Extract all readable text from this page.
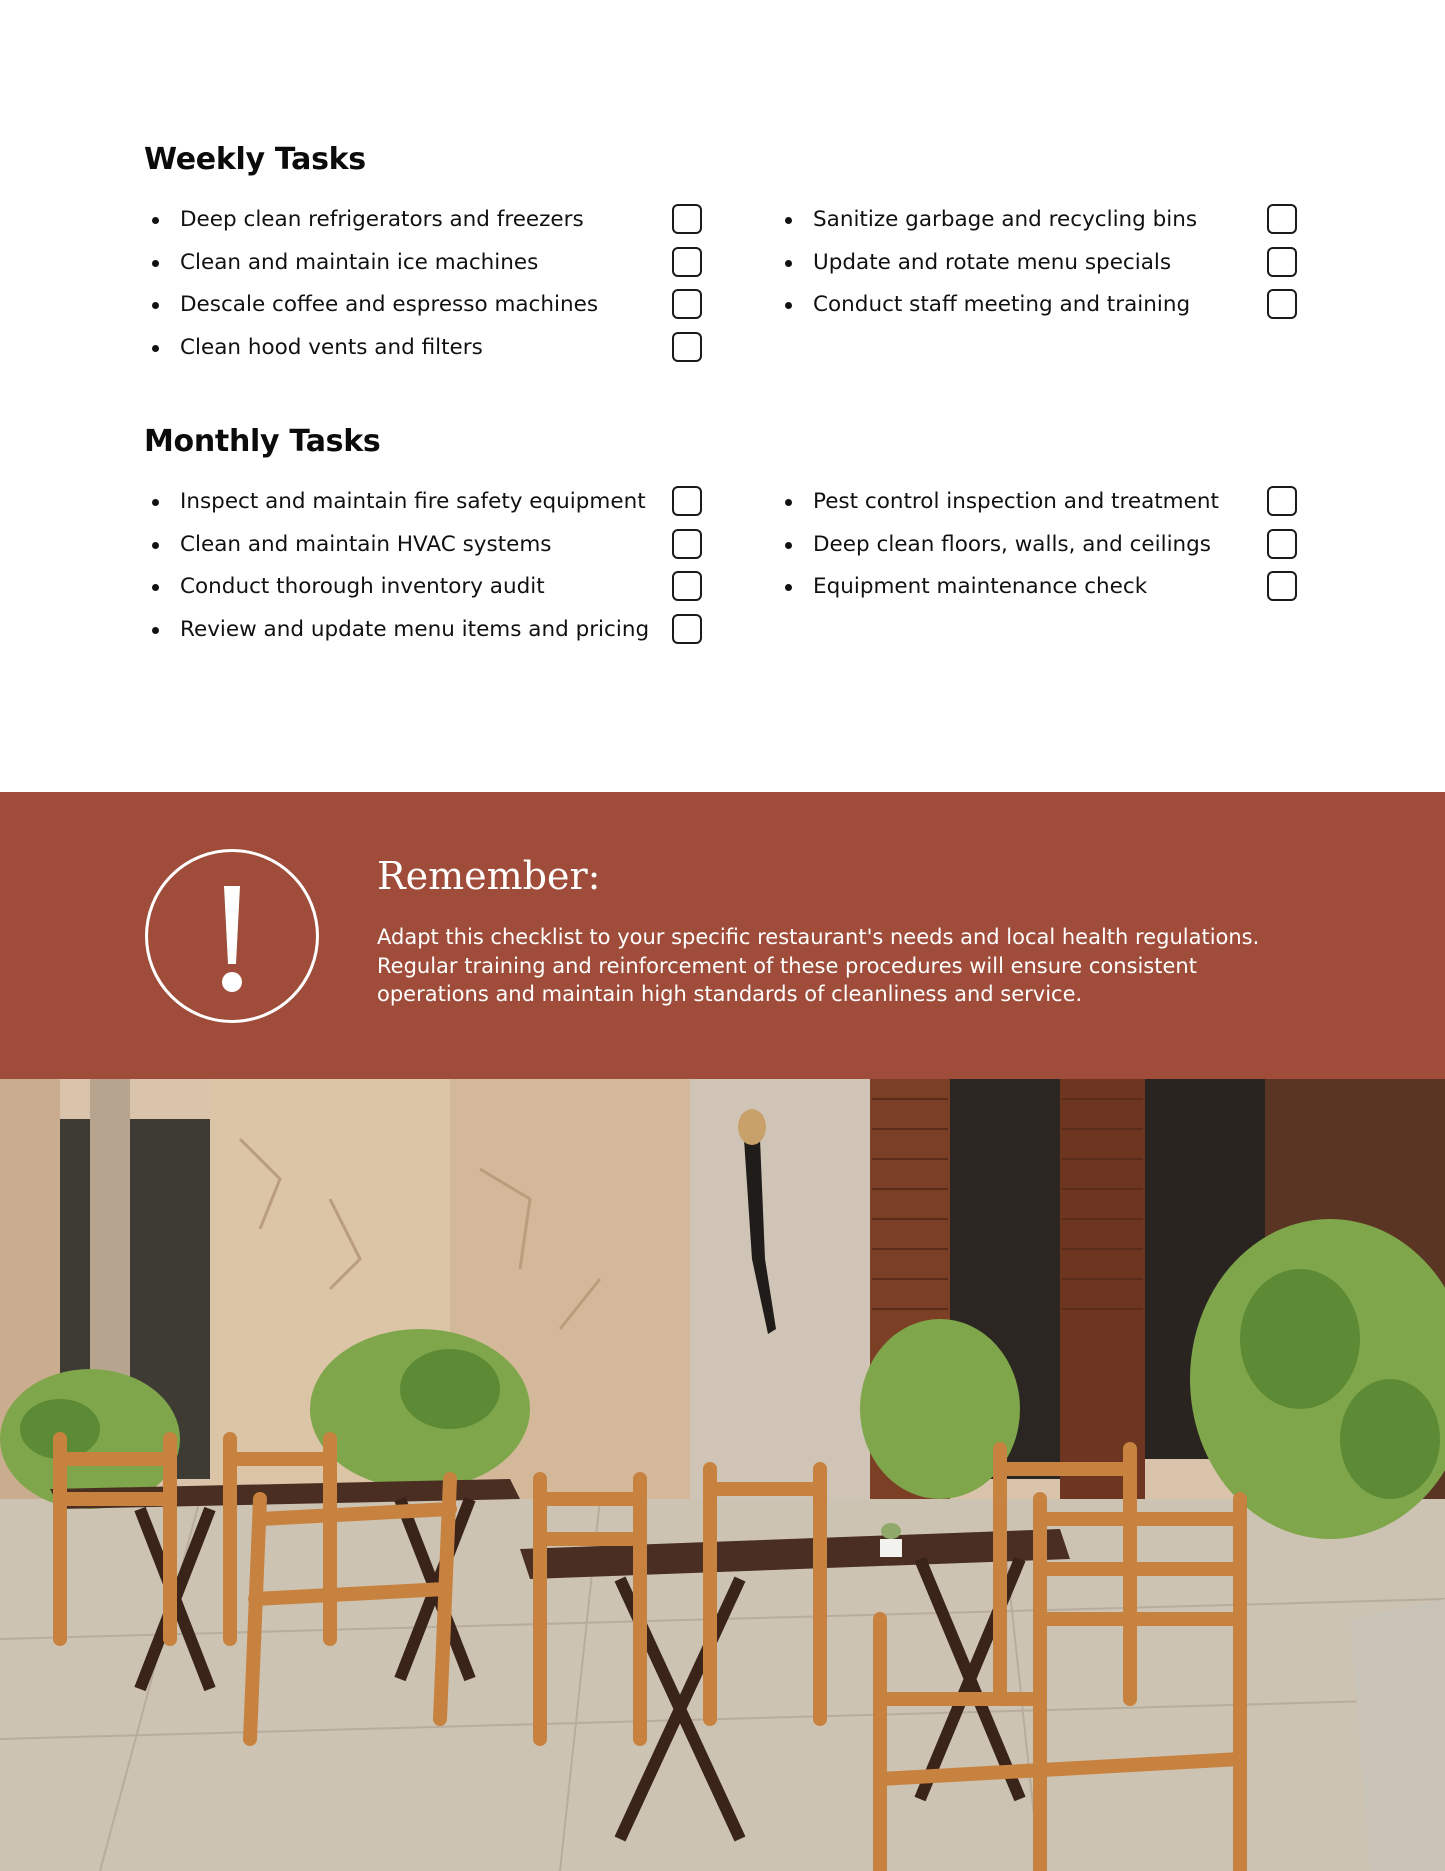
Weekly Tasks
Deep clean refrigerators and freezers
Clean and maintain ice machines
Descale coffee and espresso machines
Clean hood vents and filters
Sanitize garbage and recycling bins
Update and rotate menu specials
Conduct staff meeting and training
Monthly Tasks
Inspect and maintain fire safety equipment
Clean and maintain HVAC systems
Conduct thorough inventory audit
Review and update menu items and pricing
Pest control inspection and treatment
Deep clean floors, walls, and ceilings
Equipment maintenance check
Remember:

Adapt this checklist to your specific restaurant's needs and local health regulations. Regular training and reinforcement of these procedures will ensure consistent operations and maintain high standards of cleanliness and service.
